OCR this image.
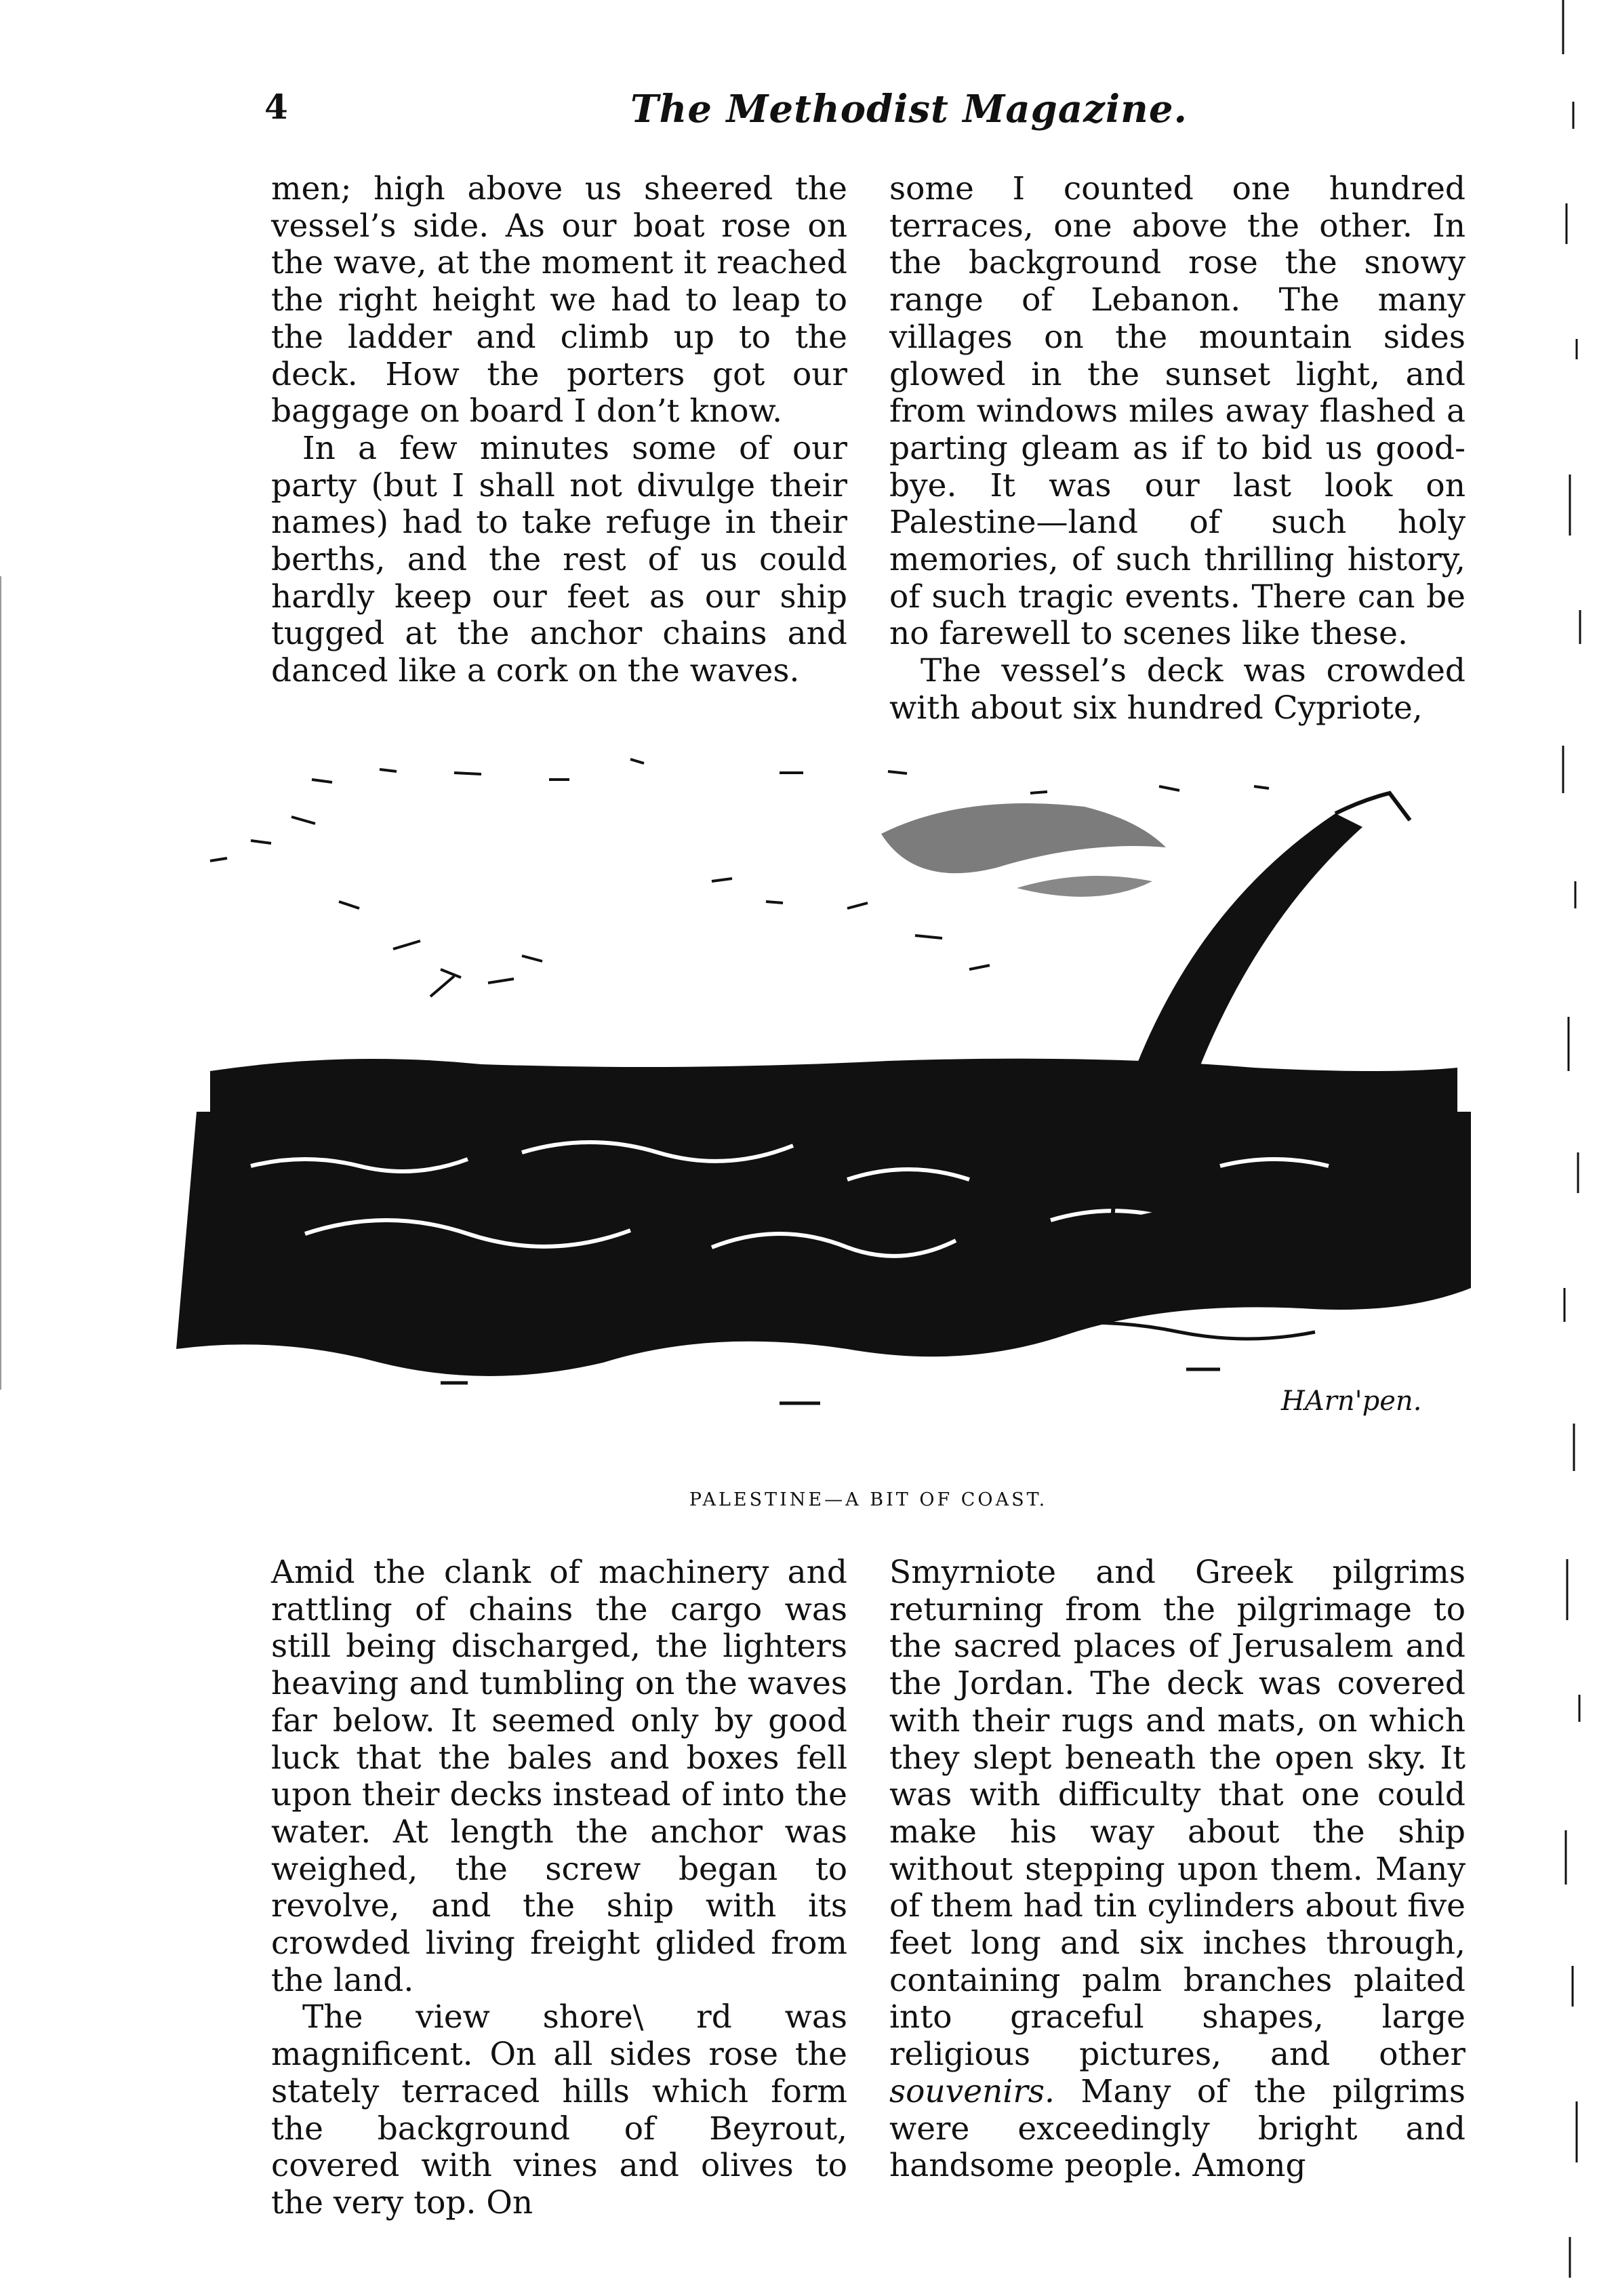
4	The Methodist Magazine.

men; high above us sheered the vessel’s side. As our boat rose on the wave, at the moment it reached the right height we had to leap to the ladder and climb up to the deck. How the porters got our baggage on board I don’t know.

In a few minutes some of our party (but I shall not divulge their names) had to take refuge in their berths, and the rest of us could hardly keep our feet as our ship tugged at the anchor chains and danced like a cork on the waves.

some I counted one hundred terraces, one above the other. In the background rose the snowy range of Lebanon. The many villages on the mountain sides glowed in the sunset light, and from windows miles away flashed a parting gleam as if to bid us good-bye. It was our last look on Palestine—land of such holy memories, of such thrilling history, of such tragic events. There can be no farewell to scenes like these.

The vessel’s deck was crowded with about six hundred Cypriote,

HArn'pen.
PALESTINE—A BIT OF COAST.

Amid the clank of machinery and rattling of chains the cargo was still being discharged, the lighters heaving and tumbling on the waves far below. It seemed only by good luck that the bales and boxes fell upon their decks instead of into the water. At length the anchor was weighed, the screw began to revolve, and the ship with its crowded living freight glided from the land.

The view shore\ rd was magnificent. On all sides rose the stately terraced hills which form the background of Beyrout, covered with vines and olives to the very top. On

Smyrniote and Greek pilgrims returning from the pilgrimage to the sacred places of Jerusalem and the Jordan. The deck was covered with their rugs and mats, on which they slept beneath the open sky. It was with difficulty that one could make his way about the ship without stepping upon them. Many of them had tin cylinders about five feet long and six inches through, containing palm branches plaited into graceful shapes, large religious pictures, and other souvenirs. Many of the pilgrims were exceedingly bright and handsome people. Among
